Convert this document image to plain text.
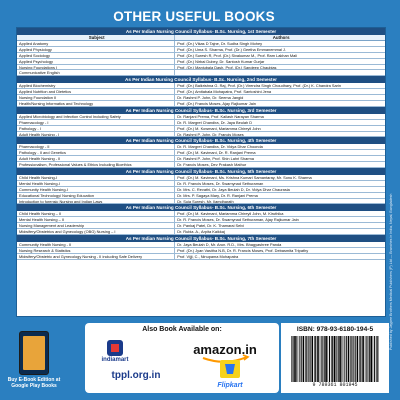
OTHER USEFUL BOOKS
As Per Indian Nursing Council Syllabus- B.Sc. Nursing, 1st Semester
Subject	Authors
Applied Anatomy	Prof. (Dr.) Vikas D Tajne, Dr. Sudha Singh Mohey
Applied Physiology	Prof. (Dr.) Uma S. Sharma, Prof. (Dr.) Geetha Emmanemmal J.
Applied Sociology	Prof. (Dr.) Suresh R, Prof. (Dr.) Sivakumar M., Prof. Ram Lakhan Mali
Applied Psychology	Prof. (Dr.) Nirbai Dubey, Dr. Santosh Kumar Gurjar
Nursing Foundations I	Prof. (Dr.) Manjubala Dash, Prof. (Dr.) Sandeep Chaubias
Communicative English
As Per Indian Nursing Council Syllabus- B.Sc. Nursing, 2nd Semester
Applied Biochemistry	Prof. (Dr.) Balkrishna G. Raj, Prof. (Dr.) Virendra Singh Choudhary, Prof. (Dr.) K. Chandra Sarin
Applied Nutrition and Dietetics	Prof. (Dr.) Amitabala Mohapatra, Prof. Santoshini Jena
Nursing Foundation II	Dr. Rashmi P. John, Dr. Seema Jangid
Health/Nursing Informatics and Technology	Prof. (Dr.) Francis Moses, Ajay Rajkumar Jain
As Per Indian Nursing Council Syllabus- B.Sc. Nursing, 3rd Semester
Applied Microbiology and Infection Control Including Safety	Dr. Ranjani Prema, Prof. Kailash Narayan Sharma
Pharmacology - I	Dr. R. Margret Chandira, Dr. Jaya Beulah D
Pathology - I	Prof. (Dr.) M. Kowmani, Mariamma Chireyil John
Adult Health Nursing - I	Dr. Rashmi P. John, Dr. Francis Moses
As Per Indian Nursing Council Syllabus- B.Sc. Nursing, 4th Semester
Pharmacology - II	Dr. R. Margret Chandira, Dr. Vidya Dhar Choonda
Pathology - II and Genetics	Prof. (Dr.) M. Kavimani, Dr. R. Ranjani Prema
Adult Health Nursing - II	Dr. Rashmi P. John, Prof. Shin Lahri Sharma
Professionalism, Professional Values & Ethics Including Bioethics	Dr. Francis Moses, Dev Prakash Mathur
As Per Indian Nursing Council Syllabus- B.Sc. Nursing, 5th Semester
Child Health Nursing-I	Prof. (Dr.) M. Kavimani, Ms. Krishna Kumari Samantaray, Mr. Sonu K. Sharma
Mental Health Nursing-I	Dr. R. Francis Moses, Dr. Swamynad Sethuraman
Community Health Nursing-I	Dr. Mrs. C. Revathi, Dr. Jaya Beulah D, Dr. Vidya Dhar Chaurasia
Educational Technology/ Nursing Education	Dr. Mrs. P. Sagaya Mary, Dr. R. Ranjani Prema
Introduction to forensic Nursing and Indian Laws	Dr. Suja Suresh, Mr. Ilamdharath
As Per Indian Nursing Council Syllabus- B.Sc. Nursing, 6th Semester
Child Health Nursing – II	Prof. (Dr.) M. Kavimani, Mariamma Chireyil John, M. Kiruthika
Mental Health Nursing – II	Dr. R. Francis Moses, Dr. Swamynad Sethuraman, Ajay Rajkumar Jain
Nursing Management and Leadership	Dr. Pankaj Patel, Dr. K. Thamarai Selvi
Midwifery/Obstetrics and Gynecology (OBG) Nursing – I	Dr. Rubia. A., Arpita Kaikkaj
As Per Indian Nursing Council Syllabus- B.Sc. Nursing, 7th Semester
Community Health Nursing - II	Dr. Jaya Beulah D, Mr. Arun. R.D., Mrs. Bhagyashree Panda
Nursing Research & Statistics	Prof. (Dr.) Jyan Vasitha N.B, Dr. R. Francis Moses, Prof. Debasmita Tripathy
Midwifery/Obstetric and Gynecology Nursing - II including Safe Delivery	Prof. Vijji, C., Ninupama Mohapatra	Published by Jaypee Brothers Medical Publishers (P) Ltd — Branches in India, Nepal, Bangladesh
Buy E-Book Edition at Google Play Books
Also Book Available on:
indiamart
amazon.in
tppl.org.in
Flipkart
ISBN: 978-93-6180-194-5
9 789361 801945
